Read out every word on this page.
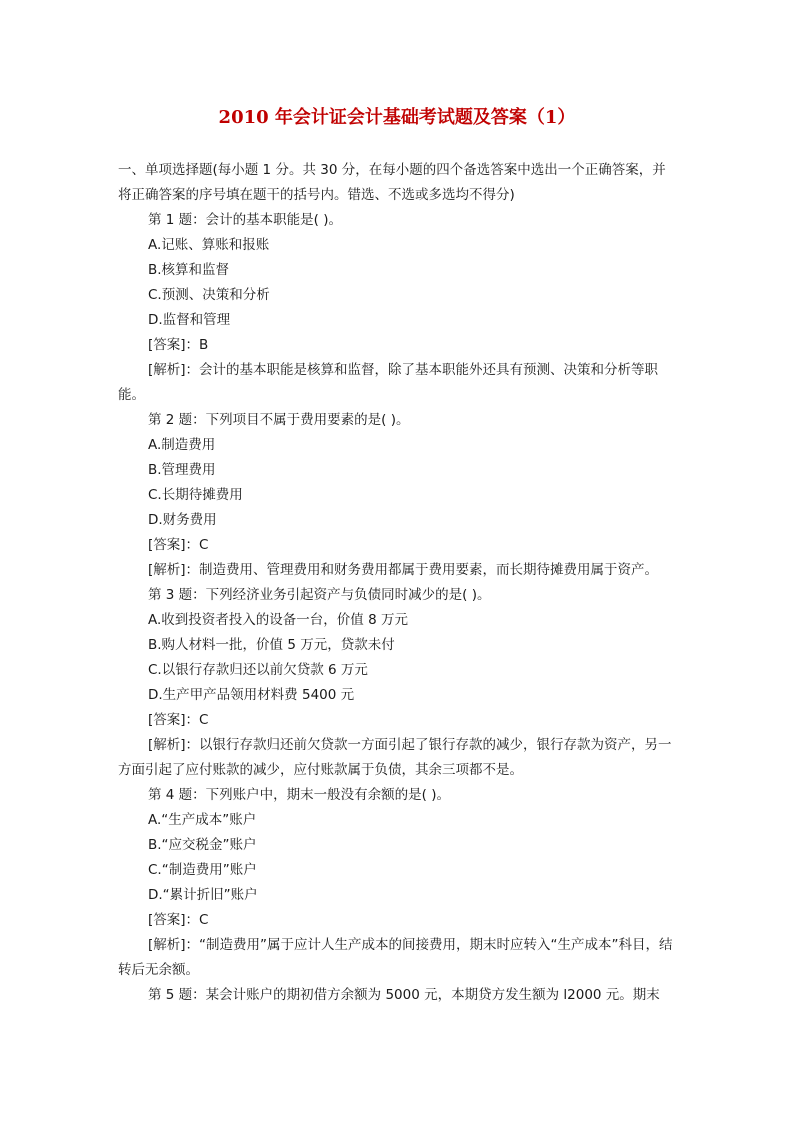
2010 年会计证会计基础考试题及答案（1）

一、单项选择题(每小题 1 分。共 30 分，在每小题的四个备选答案中选出一个正确答案，并将正确答案的序号填在题干的括号内。错选、不选或多选均不得分)

第 1 题：会计的基本职能是( )。

A.记账、算账和报账

B.核算和监督

C.预测、决策和分析

D.监督和管理

[答案]：B

[解析]：会计的基本职能是核算和监督，除了基本职能外还具有预测、决策和分析等职能。

第 2 题：下列项目不属于费用要素的是( )。

A.制造费用

B.管理费用

C.长期待摊费用

D.财务费用

[答案]：C

[解析]：制造费用、管理费用和财务费用都属于费用要素，而长期待摊费用属于资产。

第 3 题：下列经济业务引起资产与负债同时减少的是( )。

A.收到投资者投入的设备一台，价值 8 万元

B.购人材料一批，价值 5 万元，贷款未付

C.以银行存款归还以前欠贷款 6 万元

D.生产甲产品领用材料费 5400 元

[答案]：C

[解析]：以银行存款归还前欠贷款一方面引起了银行存款的减少，银行存款为资产，另一方面引起了应付账款的减少，应付账款属于负债，其余三项都不是。

第 4 题：下列账户中，期末一般没有余额的是( )。

A.“生产成本”账户

B.“应交税金”账户

C.“制造费用”账户

D.“累计折旧”账户

[答案]：C

[解析]：“制造费用”属于应计人生产成本的间接费用，期末时应转入“生产成本”科目，结转后无余额。

第 5 题：某会计账户的期初借方余额为 5000 元，本期贷方发生额为 l2000 元。期末
